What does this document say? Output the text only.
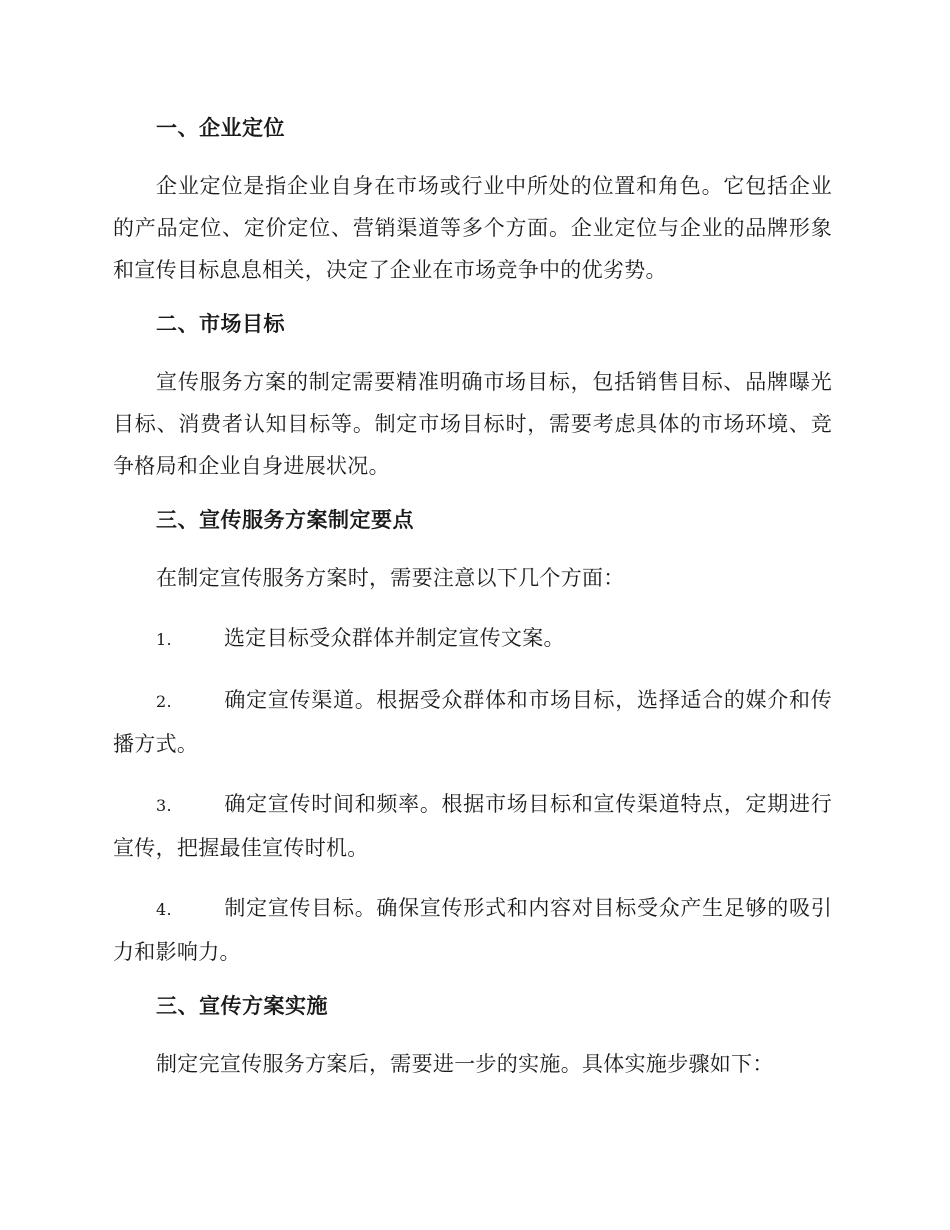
一、企业定位

企业定位是指企业自身在市场或行业中所处的位置和角色。它包括企业的产品定位、定价定位、营销渠道等多个方面。企业定位与企业的品牌形象和宣传目标息息相关，决定了企业在市场竞争中的优劣势。

二、市场目标

宣传服务方案的制定需要精准明确市场目标，包括销售目标、品牌曝光目标、消费者认知目标等。制定市场目标时，需要考虑具体的市场环境、竞争格局和企业自身进展状况。

三、宣传服务方案制定要点

在制定宣传服务方案时，需要注意以下几个方面：

1. 选定目标受众群体并制定宣传文案。

2. 确定宣传渠道。根据受众群体和市场目标，选择适合的媒介和传播方式。

3. 确定宣传时间和频率。根据市场目标和宣传渠道特点，定期进行宣传，把握最佳宣传时机。

4. 制定宣传目标。确保宣传形式和内容对目标受众产生足够的吸引力和影响力。

三、宣传方案实施

制定完宣传服务方案后，需要进一步的实施。具体实施步骤如下：
